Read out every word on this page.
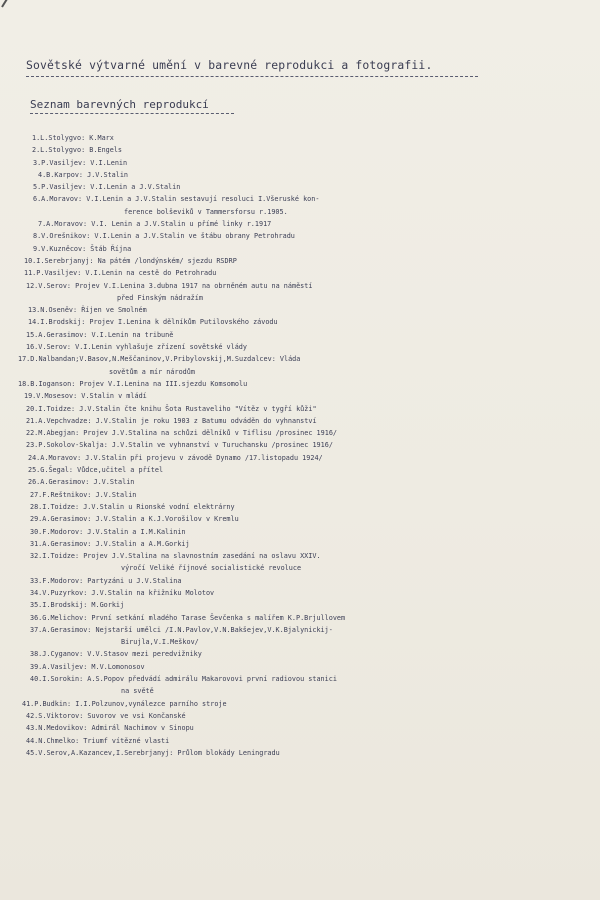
Sovětské výtvarné umění v barevné reprodukci a fotografii.
Seznam barevných reprodukcí
1.L.Stolygvo: K.Marx
2.L.Stolygvo: B.Engels
3.P.Vasiljev: V.I.Lenin
4.B.Karpov: J.V.Stalin
5.P.Vasiljev: V.I.Lenin a J.V.Stalin
6.A.Moravov: V.I.Lenin a J.V.Stalin sestavují resoluci I.Všeruské kon-
ference bolševiků v Tammersforsu r.1905.
7.A.Moravov: V.I. Lenin a J.V.Stalin u přímé linky r.1917
8.V.Orešnikov: V.I.Lenin a J.V.Stalin ve štábu obrany Petrohradu
9.V.Kuzněcov: Štáb Října
10.I.Serebrjanyj: Na pátém /londýnském/ sjezdu RSDRP
11.P.Vasiljev: V.I.Lenin na cestě do Petrohradu
12.V.Serov: Projev V.I.Lenina 3.dubna 1917 na obrněném autu na náměstí
před Finským nádražím
13.N.Oseněv: Říjen ve Smolném
14.I.Brodskij: Projev I.Lenina k dělníkům Putilovského závodu
15.A.Gerasimov: V.I.Lenin na tribuně
16.V.Serov: V.I.Lenin vyhlašuje zřízení sovětské vlády
17.D.Nalbandan;V.Basov,N.Meščaninov,V.Pribylovskij,M.Suzdalcev: Vláda
sovětům a mír národům
18.B.Ioganson: Projev V.I.Lenina na III.sjezdu Komsomolu
19.V.Mosesov: V.Stalin v mládí
20.I.Toidze: J.V.Stalin čte knihu Šota Rustaveliho "Vítěz v tygří kůži"
21.A.Vepchvadze: J.V.Stalin je roku 1903 z Batumu odváděn do vyhnanství
22.M.Abegjan: Projev J.V.Stalina na schůzi dělníků v Tiflisu /prosinec 1916/
23.P.Sokolov-Skalja: J.V.Stalin ve vyhnanství v Turuchansku /prosinec 1916/
24.A.Moravov: J.V.Stalin při projevu v závodě Dynamo /17.listopadu 1924/
25.G.Šegal: Vůdce,učitel a přítel
26.A.Gerasimov: J.V.Stalin
27.F.Reštnikov: J.V.Stalin
28.I.Toidze: J.V.Stalin u Rionské vodní elektrárny
29.A.Gerasimov: J.V.Stalin a K.J.Vorošilov v Kremlu
30.F.Modorov: J.V.Stalin a I.M.Kalinin
31.A.Gerasimov: J.V.Stalin a A.M.Gorkij
32.I.Toidze: Projev J.V.Stalina na slavnostním zasedání na oslavu XXIV.
výročí Veliké říjnové socialistické revoluce
33.F.Modorov: Partyzáni u J.V.Stalina
34.V.Puzyrkov: J.V.Stalin na křižníku Molotov
35.I.Brodskij: M.Gorkij
36.G.Melichov: První setkání mladého Tarase Ševčenka s malířem K.P.Brjullovem
37.A.Gerasimov: Nejstarší umělci /I.N.Pavlov,V.N.Bakšejev,V.K.Bjalynickij-
Birujla,V.I.Meškov/
38.J.Cyganov: V.V.Stasov mezi peredvižniky
39.A.Vasiljev: M.V.Lomonosov
40.I.Sorokin: A.S.Popov předvádí admirálu Makarovovi první radiovou stanici
na světě
41.P.Budkin: I.I.Polzunov,vynálezce parního stroje
42.S.Viktorov: Suvorov ve vsi Končanské
43.N.Medovikov: Admirál Nachimov v Sinopu
44.N.Chmelko: Triumf vítězné vlasti
45.V.Serov,A.Kazancev,I.Serebrjanyj: Průlom blokády Leningradu
